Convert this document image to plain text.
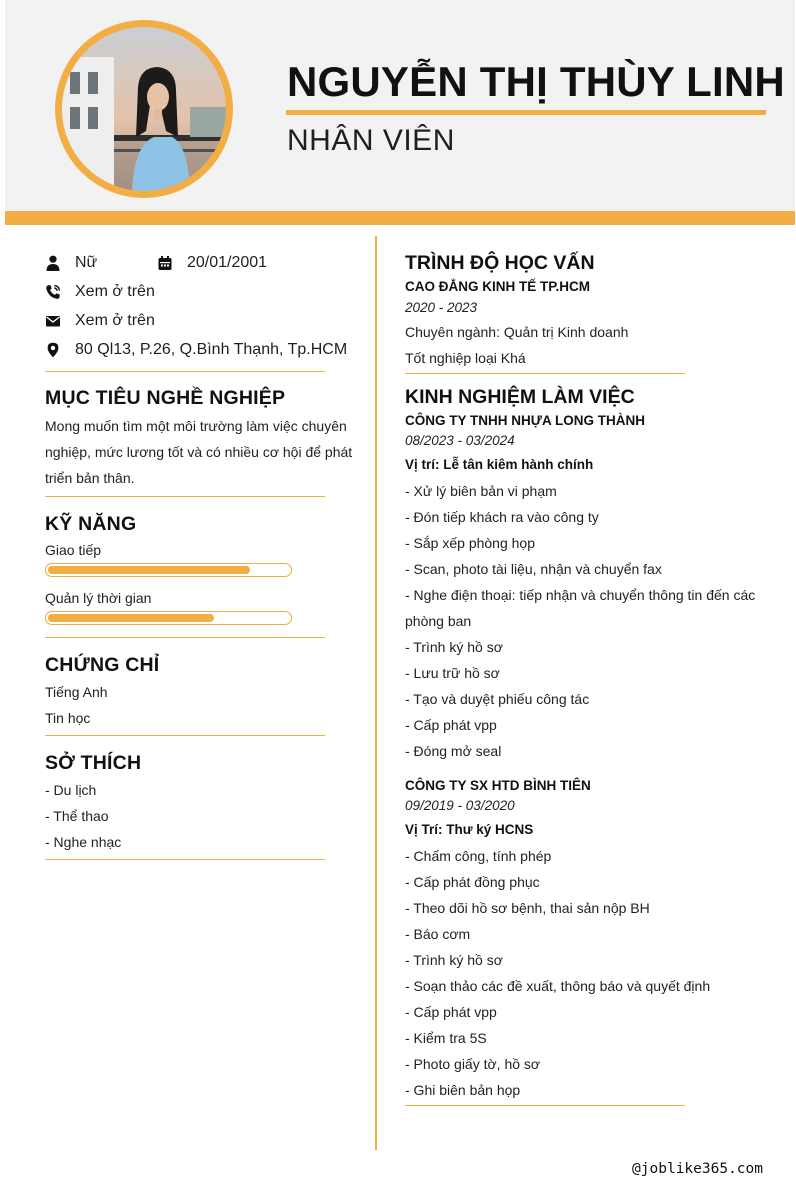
NGUYỄN THỊ THÙY LINH
NHÂN VIÊN
Nữ	20/01/2001
Xem ở trên
Xem ở trên
80 Ql13, P.26, Q.Bình Thạnh, Tp.HCM
MỤC TIÊU NGHỀ NGHIỆP
Mong muốn tìm một môi trường làm việc chuyên
nghiệp, mức lương tốt và có nhiều cơ hội để phát
triển bản thân.
KỸ NĂNG
Giao tiếp
Quản lý thời gian
CHỨNG CHỈ
Tiếng Anh
Tin học
SỞ THÍCH
- Du lịch
- Thể thao
- Nghe nhạc
TRÌNH ĐỘ HỌC VẤN
CAO ĐẲNG KINH TẾ TP.HCM
2020 - 2023
Chuyên ngành: Quản trị Kinh doanh
Tốt nghiệp loại Khá
KINH NGHIỆM LÀM VIỆC
CÔNG TY TNHH NHỰA LONG THÀNH
08/2023 - 03/2024
Vị trí: Lễ tân kiêm hành chính
- Xử lý biên bản vi phạm
- Đón tiếp khách ra vào công ty
- Sắp xếp phòng họp
- Scan, photo tài liệu, nhận và chuyển fax
- Nghe điện thoại: tiếp nhận và chuyển thông tin đến các
phòng ban
- Trình ký hồ sơ
- Lưu trữ hồ sơ
- Tạo và duyệt phiếu công tác
- Cấp phát vpp
- Đóng mở seal
CÔNG TY SX HTD BÌNH TIÊN
09/2019 - 03/2020
Vị Trí: Thư ký HCNS
- Chấm công, tính phép
- Cấp phát đồng phục
- Theo dõi hồ sơ bệnh, thai sản nộp BH
- Báo cơm
- Trình ký hồ sơ
- Soạn thảo các đề xuất, thông báo và quyết định
- Cấp phát vpp
- Kiểm tra 5S
- Photo giấy tờ, hồ sơ
- Ghi biên bản họp
@joblike365.com
